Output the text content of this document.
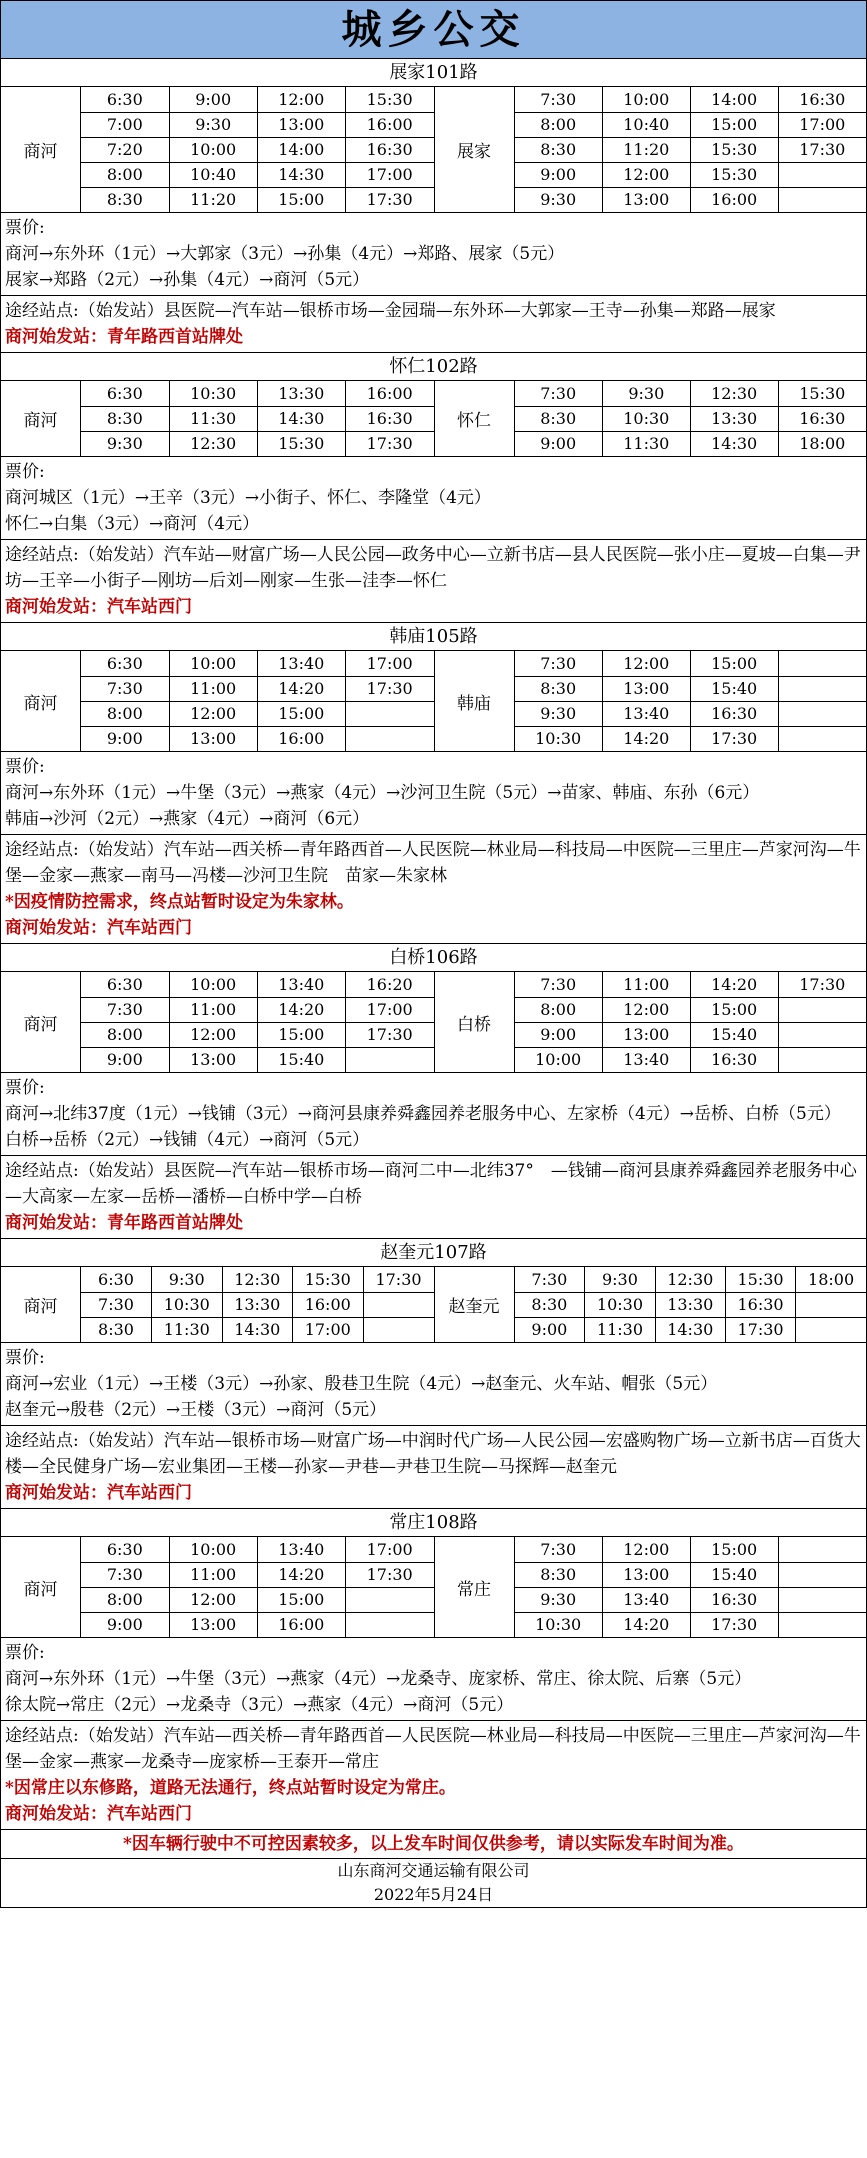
城乡公交
展家101路
商河
6:30	9:00	12:00	15:30
7:00	9:30	13:00	16:00
7:20	10:00	14:00	16:30
8:00	10:40	14:30	17:00
8:30	11:20	15:00	17:30
展家
7:30	10:00	14:00	16:30
8:00	10:40	15:00	17:00
8:30	11:20	15:30	17:30
9:00	12:00	15:30	
9:30	13:00	16:00	
票价:
商河→东外环（1元）→大郭家（3元）→孙集（4元）→郑路、展家（5元）
展家→郑路（2元）→孙集（4元）→商河（5元）
途经站点:（始发站）县医院—汽车站—银桥市场—金园瑞—东外环—大郭家—王寺—孙集—郑路—展家
商河始发站：青年路西首站牌处
怀仁102路
商河
6:30	10:30	13:30	16:00
8:30	11:30	14:30	16:30
9:30	12:30	15:30	17:30
怀仁
7:30	9:30	12:30	15:30
8:30	10:30	13:30	16:30
9:00	11:30	14:30	18:00
票价:
商河城区（1元）→王辛（3元）→小街子、怀仁、李隆堂（4元）
怀仁→白集（3元）→商河（4元）
途经站点:（始发站）汽车站—财富广场—人民公园—政务中心—立新书店—县人民医院—张小庄—夏坡—白集—尹坊—王辛—小街子—刚坊—后刘—刚家—生张—洼李—怀仁
商河始发站：汽车站西门
韩庙105路
商河
6:30	10:00	13:40	17:00
7:30	11:00	14:20	17:30
8:00	12:00	15:00	
9:00	13:00	16:00	
韩庙
7:30	12:00	15:00	
8:30	13:00	15:40	
9:30	13:40	16:30	
10:30	14:20	17:30	
票价:
商河→东外环（1元）→牛堡（3元）→燕家（4元）→沙河卫生院（5元）→苗家、韩庙、东孙（6元）
韩庙→沙河（2元）→燕家（4元）→商河（6元）
途经站点:（始发站）汽车站—西关桥—青年路西首—人民医院—林业局—科技局—中医院—三里庄—芦家河沟—牛堡—金家—燕家—南马—冯楼—沙河卫生院　苗家—朱家林
*因疫情防控需求，终点站暂时设定为朱家林。
商河始发站：汽车站西门
白桥106路
商河
6:30	10:00	13:40	16:20
7:30	11:00	14:20	17:00
8:00	12:00	15:00	17:30
9:00	13:00	15:40	
白桥
7:30	11:00	14:20	17:30
8:00	12:00	15:00	
9:00	13:00	15:40	
10:00	13:40	16:30	
票价:
商河→北纬37度（1元）→钱铺（3元）→商河县康养舜鑫园养老服务中心、左家桥（4元）→岳桥、白桥（5元）
白桥→岳桥（2元）→钱铺（4元）→商河（5元）
途经站点:（始发站）县医院—汽车站—银桥市场—商河二中—北纬37°　—钱铺—商河县康养舜鑫园养老服务中心—大高家—左家—岳桥—潘桥—白桥中学—白桥
商河始发站：青年路西首站牌处
赵奎元107路
商河
6:30	9:30	12:30	15:30	17:30
7:30	10:30	13:30	16:00	
8:30	11:30	14:30	17:00	
赵奎元
7:30	9:30	12:30	15:30	18:00
8:30	10:30	13:30	16:30	
9:00	11:30	14:30	17:30	
票价:
商河→宏业（1元）→王楼（3元）→孙家、殷巷卫生院（4元）→赵奎元、火车站、帽张（5元）
赵奎元→殷巷（2元）→王楼（3元）→商河（5元）
途经站点:（始发站）汽车站—银桥市场—财富广场—中润时代广场—人民公园—宏盛购物广场—立新书店—百货大楼—全民健身广场—宏业集团—王楼—孙家—尹巷—尹巷卫生院—马探辉—赵奎元
商河始发站：汽车站西门
常庄108路
商河
6:30	10:00	13:40	17:00
7:30	11:00	14:20	17:30
8:00	12:00	15:00	
9:00	13:00	16:00	
常庄
7:30	12:00	15:00	
8:30	13:00	15:40	
9:30	13:40	16:30	
10:30	14:20	17:30	
票价:
商河→东外环（1元）→牛堡（3元）→燕家（4元）→龙桑寺、庞家桥、常庄、徐太院、后寨（5元）
徐太院→常庄（2元）→龙桑寺（3元）→燕家（4元）→商河（5元）
途经站点:（始发站）汽车站—西关桥—青年路西首—人民医院—林业局—科技局—中医院—三里庄—芦家河沟—牛堡—金家—燕家—龙桑寺—庞家桥—王泰开—常庄
*因常庄以东修路，道路无法通行，终点站暂时设定为常庄。
商河始发站：汽车站西门
*因车辆行驶中不可控因素较多，以上发车时间仅供参考，请以实际发车时间为准。
山东商河交通运输有限公司
2022年5月24日
